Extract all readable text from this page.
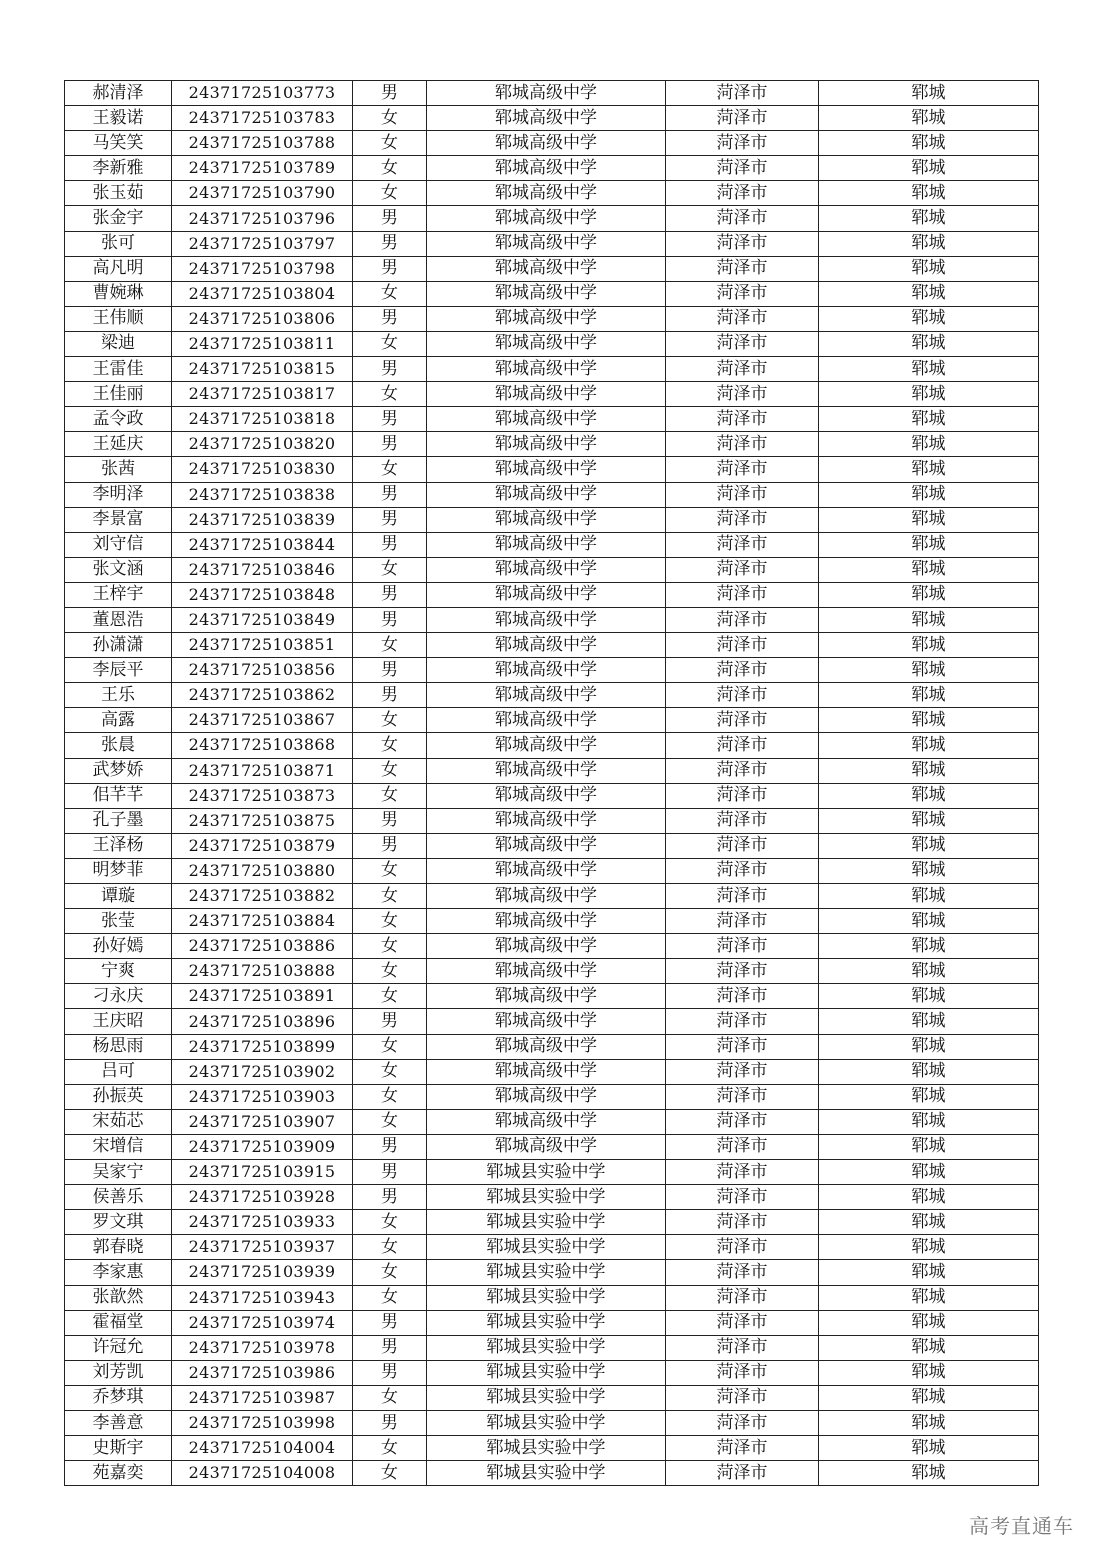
郝清泽	24371725103773	男	郓城高级中学	菏泽市	郓城
王毅诺	24371725103783	女	郓城高级中学	菏泽市	郓城
马笑笑	24371725103788	女	郓城高级中学	菏泽市	郓城
李新雅	24371725103789	女	郓城高级中学	菏泽市	郓城
张玉茹	24371725103790	女	郓城高级中学	菏泽市	郓城
张金宇	24371725103796	男	郓城高级中学	菏泽市	郓城
张可	24371725103797	男	郓城高级中学	菏泽市	郓城
高凡明	24371725103798	男	郓城高级中学	菏泽市	郓城
曹婉琳	24371725103804	女	郓城高级中学	菏泽市	郓城
王伟顺	24371725103806	男	郓城高级中学	菏泽市	郓城
梁迪	24371725103811	女	郓城高级中学	菏泽市	郓城
王雷佳	24371725103815	男	郓城高级中学	菏泽市	郓城
王佳丽	24371725103817	女	郓城高级中学	菏泽市	郓城
孟令政	24371725103818	男	郓城高级中学	菏泽市	郓城
王延庆	24371725103820	男	郓城高级中学	菏泽市	郓城
张茜	24371725103830	女	郓城高级中学	菏泽市	郓城
李明泽	24371725103838	男	郓城高级中学	菏泽市	郓城
李景富	24371725103839	男	郓城高级中学	菏泽市	郓城
刘守信	24371725103844	男	郓城高级中学	菏泽市	郓城
张文涵	24371725103846	女	郓城高级中学	菏泽市	郓城
王梓宇	24371725103848	男	郓城高级中学	菏泽市	郓城
董恩浩	24371725103849	男	郓城高级中学	菏泽市	郓城
孙潇潇	24371725103851	女	郓城高级中学	菏泽市	郓城
李辰平	24371725103856	男	郓城高级中学	菏泽市	郓城
王乐	24371725103862	男	郓城高级中学	菏泽市	郓城
高露	24371725103867	女	郓城高级中学	菏泽市	郓城
张晨	24371725103868	女	郓城高级中学	菏泽市	郓城
武梦娇	24371725103871	女	郓城高级中学	菏泽市	郓城
佀芊芊	24371725103873	女	郓城高级中学	菏泽市	郓城
孔子墨	24371725103875	男	郓城高级中学	菏泽市	郓城
王泽杨	24371725103879	男	郓城高级中学	菏泽市	郓城
明梦菲	24371725103880	女	郓城高级中学	菏泽市	郓城
谭璇	24371725103882	女	郓城高级中学	菏泽市	郓城
张莹	24371725103884	女	郓城高级中学	菏泽市	郓城
孙好嫣	24371725103886	女	郓城高级中学	菏泽市	郓城
宁爽	24371725103888	女	郓城高级中学	菏泽市	郓城
刁永庆	24371725103891	女	郓城高级中学	菏泽市	郓城
王庆昭	24371725103896	男	郓城高级中学	菏泽市	郓城
杨思雨	24371725103899	女	郓城高级中学	菏泽市	郓城
吕可	24371725103902	女	郓城高级中学	菏泽市	郓城
孙振英	24371725103903	女	郓城高级中学	菏泽市	郓城
宋茹芯	24371725103907	女	郓城高级中学	菏泽市	郓城
宋增信	24371725103909	男	郓城高级中学	菏泽市	郓城
吴家宁	24371725103915	男	郓城县实验中学	菏泽市	郓城
侯善乐	24371725103928	男	郓城县实验中学	菏泽市	郓城
罗文琪	24371725103933	女	郓城县实验中学	菏泽市	郓城
郭春晓	24371725103937	女	郓城县实验中学	菏泽市	郓城
李家惠	24371725103939	女	郓城县实验中学	菏泽市	郓城
张歆然	24371725103943	女	郓城县实验中学	菏泽市	郓城
霍福堂	24371725103974	男	郓城县实验中学	菏泽市	郓城
许冠允	24371725103978	男	郓城县实验中学	菏泽市	郓城
刘芳凯	24371725103986	男	郓城县实验中学	菏泽市	郓城
乔梦琪	24371725103987	女	郓城县实验中学	菏泽市	郓城
李善意	24371725103998	男	郓城县实验中学	菏泽市	郓城
史斯宇	24371725104004	女	郓城县实验中学	菏泽市	郓城
苑嘉奕	24371725104008	女	郓城县实验中学	菏泽市	郓城
高考直通车
